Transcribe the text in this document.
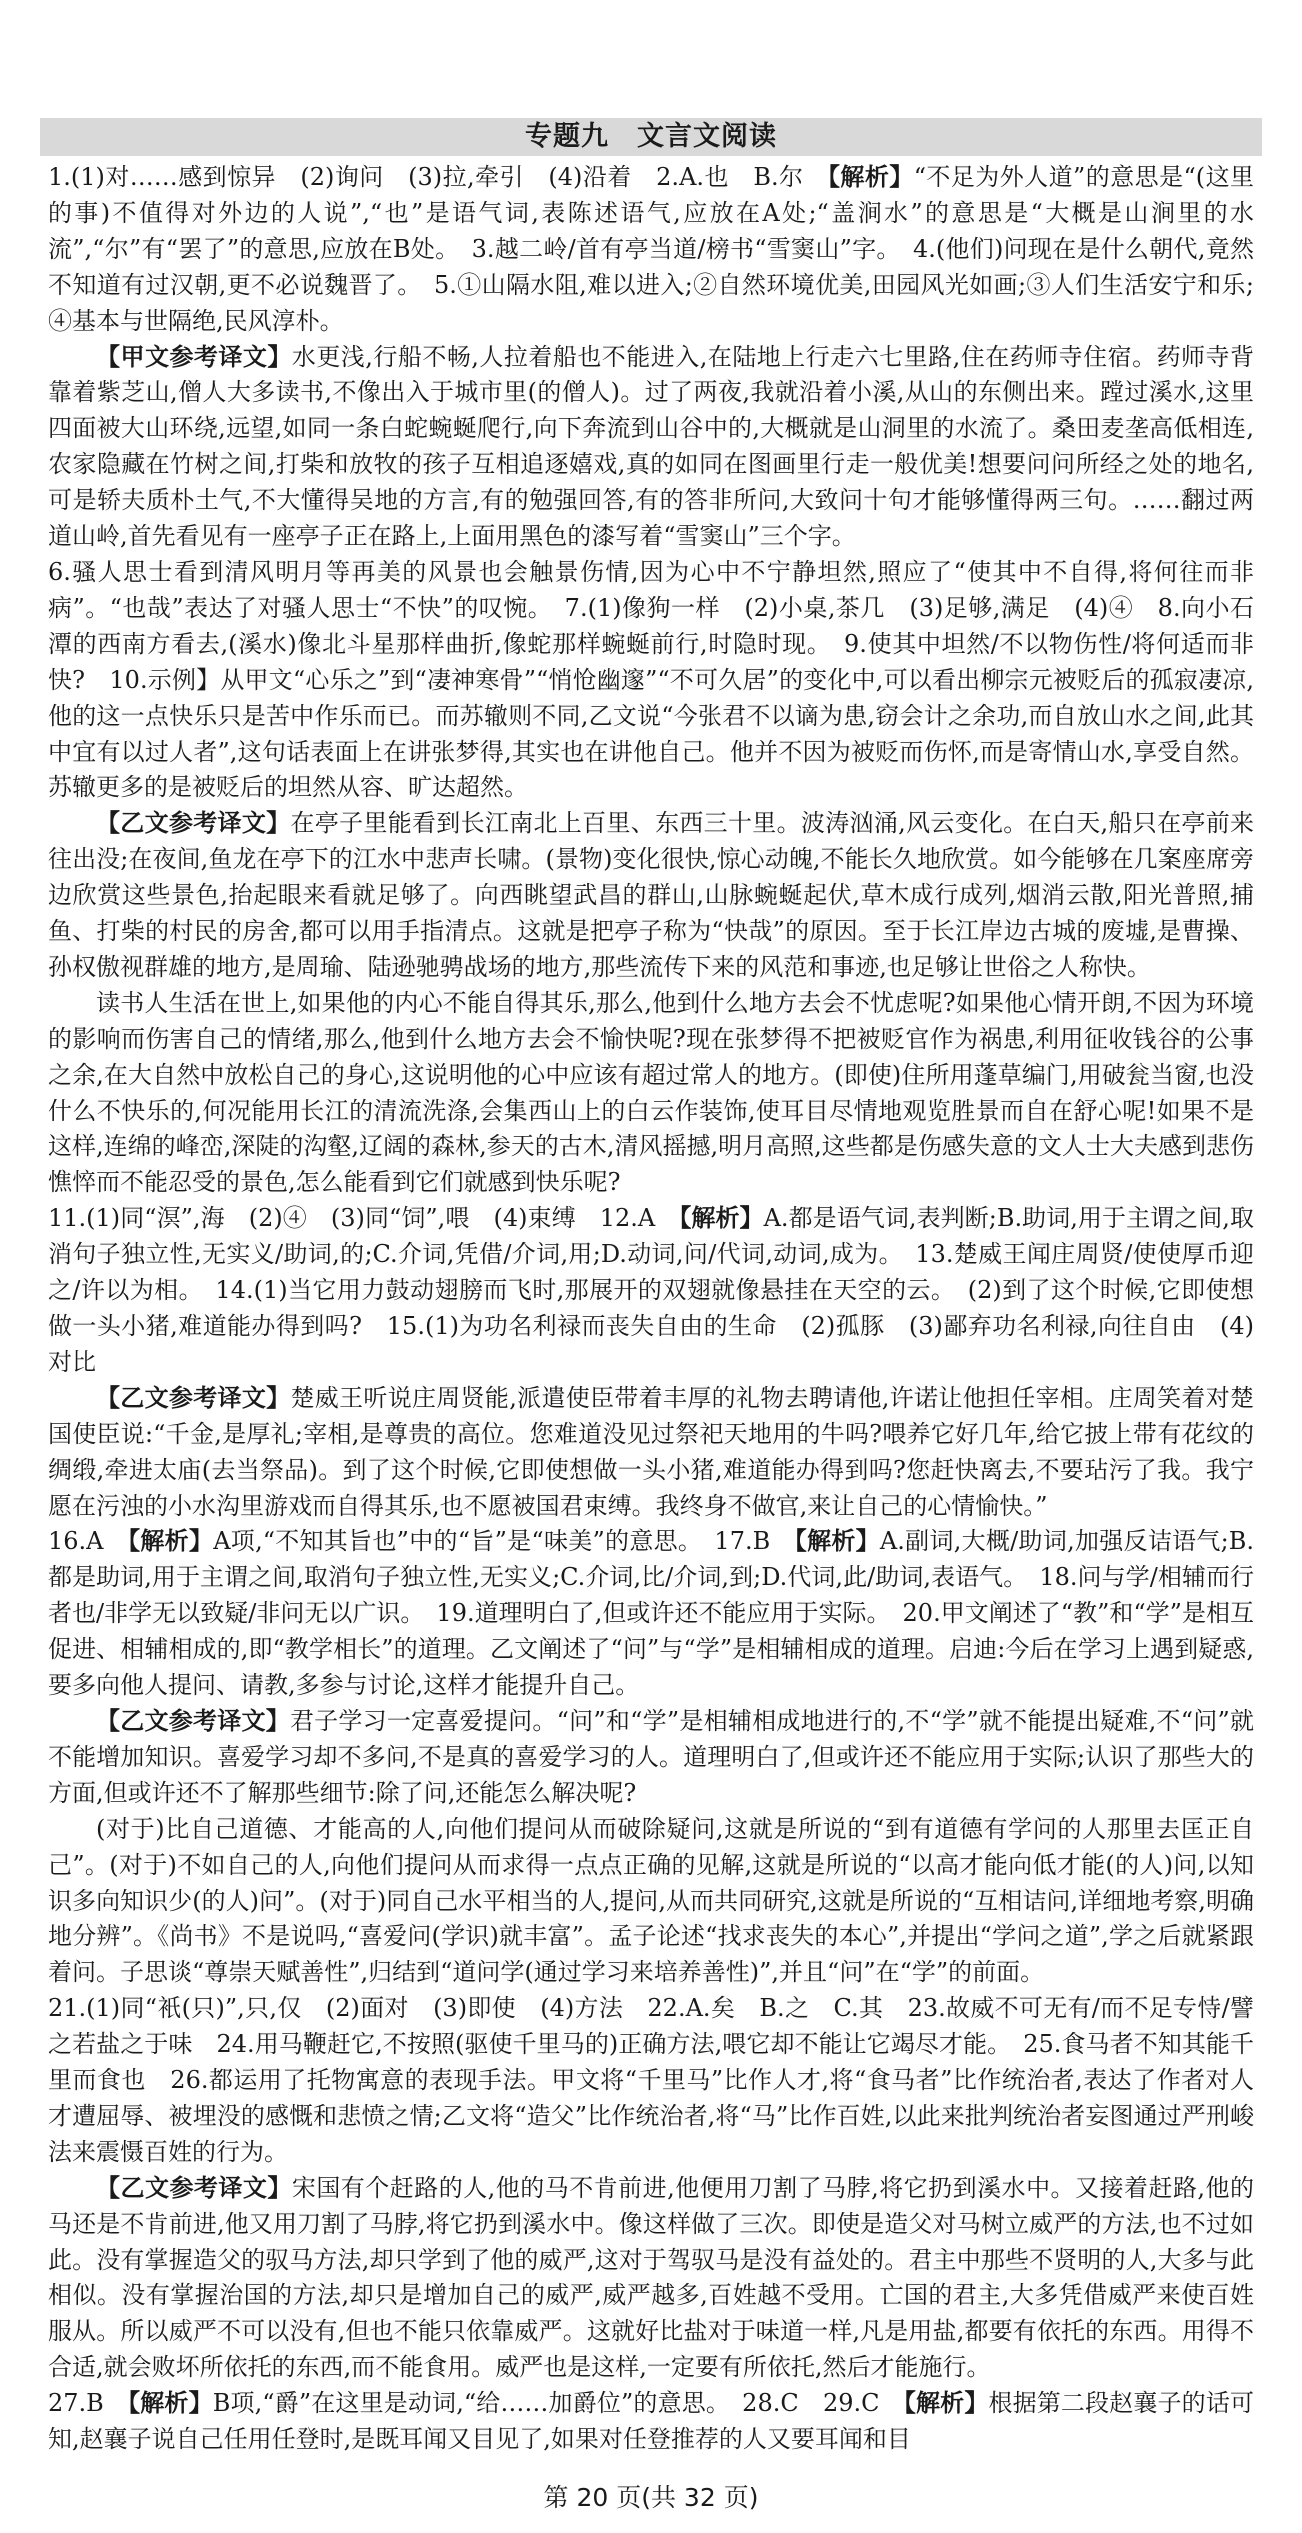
专题九　文言文阅读

1.(1)对……感到惊异　(2)询问　(3)拉,牵引　(4)沿着　2.A.也　B.尔　【解析】“不足为外人道”的意思是“(这里的事)不值得对外边的人说”,“也”是语气词,表陈述语气,应放在A处;“盖涧水”的意思是“大概是山涧里的水流”,“尔”有“罢了”的意思,应放在B处。　3.越二岭/首有亭当道/榜书“雪窦山”字。　4.(他们)问现在是什么朝代,竟然不知道有过汉朝,更不必说魏晋了。　5.①山隔水阻,难以进入;②自然环境优美,田园风光如画;③人们生活安宁和乐;④基本与世隔绝,民风淳朴。

【甲文参考译文】水更浅,行船不畅,人拉着船也不能进入,在陆地上行走六七里路,住在药师寺住宿。药师寺背靠着紫芝山,僧人大多读书,不像出入于城市里(的僧人)。过了两夜,我就沿着小溪,从山的东侧出来。蹚过溪水,这里四面被大山环绕,远望,如同一条白蛇蜿蜒爬行,向下奔流到山谷中的,大概就是山洞里的水流了。桑田麦垄高低相连,农家隐藏在竹树之间,打柴和放牧的孩子互相追逐嬉戏,真的如同在图画里行走一般优美!想要问问所经之处的地名,可是轿夫质朴土气,不大懂得吴地的方言,有的勉强回答,有的答非所问,大致问十句才能够懂得两三句。……翻过两道山岭,首先看见有一座亭子正在路上,上面用黑色的漆写着“雪窦山”三个字。

6.骚人思士看到清风明月等再美的风景也会触景伤情,因为心中不宁静坦然,照应了“使其中不自得,将何往而非病”。“也哉”表达了对骚人思士“不快”的叹惋。　7.(1)像狗一样　(2)小桌,茶几　(3)足够,满足　(4)④　8.向小石潭的西南方看去,(溪水)像北斗星那样曲折,像蛇那样蜿蜒前行,时隐时现。　9.使其中坦然/不以物伤性/将何适而非快?　10.示例】从甲文“心乐之”到“凄神寒骨”“悄怆幽邃”“不可久居”的变化中,可以看出柳宗元被贬后的孤寂凄凉,他的这一点快乐只是苦中作乐而已。而苏辙则不同,乙文说“今张君不以谪为患,窃会计之余功,而自放山水之间,此其中宜有以过人者”,这句话表面上在讲张梦得,其实也在讲他自己。他并不因为被贬而伤怀,而是寄情山水,享受自然。苏辙更多的是被贬后的坦然从容、旷达超然。

【乙文参考译文】在亭子里能看到长江南北上百里、东西三十里。波涛汹涌,风云变化。在白天,船只在亭前来往出没;在夜间,鱼龙在亭下的江水中悲声长啸。(景物)变化很快,惊心动魄,不能长久地欣赏。如今能够在几案座席旁边欣赏这些景色,抬起眼来看就足够了。向西眺望武昌的群山,山脉蜿蜒起伏,草木成行成列,烟消云散,阳光普照,捕鱼、打柴的村民的房舍,都可以用手指清点。这就是把亭子称为“快哉”的原因。至于长江岸边古城的废墟,是曹操、孙权傲视群雄的地方,是周瑜、陆逊驰骋战场的地方,那些流传下来的风范和事迹,也足够让世俗之人称快。

读书人生活在世上,如果他的内心不能自得其乐,那么,他到什么地方去会不忧虑呢?如果他心情开朗,不因为环境的影响而伤害自己的情绪,那么,他到什么地方去会不愉快呢?现在张梦得不把被贬官作为祸患,利用征收钱谷的公事之余,在大自然中放松自己的身心,这说明他的心中应该有超过常人的地方。(即使)住所用蓬草编门,用破瓮当窗,也没什么不快乐的,何况能用长江的清流洗涤,会集西山上的白云作装饰,使耳目尽情地观览胜景而自在舒心呢!如果不是这样,连绵的峰峦,深陡的沟壑,辽阔的森林,参天的古木,清风摇撼,明月高照,这些都是伤感失意的文人士大夫感到悲伤憔悴而不能忍受的景色,怎么能看到它们就感到快乐呢?

11.(1)同“溟”,海　(2)④　(3)同“饲”,喂　(4)束缚　12.A　【解析】A.都是语气词,表判断;B.助词,用于主谓之间,取消句子独立性,无实义/助词,的;C.介词,凭借/介词,用;D.动词,问/代词,动词,成为。　13.楚威王闻庄周贤/使使厚币迎之/许以为相。　14.(1)当它用力鼓动翅膀而飞时,那展开的双翅就像悬挂在天空的云。　(2)到了这个时候,它即使想做一头小猪,难道能办得到吗?　15.(1)为功名利禄而丧失自由的生命　(2)孤豚　(3)鄙弃功名利禄,向往自由　(4)对比

【乙文参考译文】楚威王听说庄周贤能,派遣使臣带着丰厚的礼物去聘请他,许诺让他担任宰相。庄周笑着对楚国使臣说:“千金,是厚礼;宰相,是尊贵的高位。您难道没见过祭祀天地用的牛吗?喂养它好几年,给它披上带有花纹的绸缎,牵进太庙(去当祭品)。到了这个时候,它即使想做一头小猪,难道能办得到吗?您赶快离去,不要玷污了我。我宁愿在污浊的小水沟里游戏而自得其乐,也不愿被国君束缚。我终身不做官,来让自己的心情愉快。”

16.A　【解析】A项,“不知其旨也”中的“旨”是“味美”的意思。　17.B　【解析】A.副词,大概/助词,加强反诘语气;B.都是助词,用于主谓之间,取消句子独立性,无实义;C.介词,比/介词,到;D.代词,此/助词,表语气。　18.问与学/相辅而行者也/非学无以致疑/非问无以广识。　19.道理明白了,但或许还不能应用于实际。　20.甲文阐述了“教”和“学”是相互促进、相辅相成的,即“教学相长”的道理。乙文阐述了“问”与“学”是相辅相成的道理。启迪:今后在学习上遇到疑惑,要多向他人提问、请教,多参与讨论,这样才能提升自己。

【乙文参考译文】君子学习一定喜爱提问。“问”和“学”是相辅相成地进行的,不“学”就不能提出疑难,不“问”就不能增加知识。喜爱学习却不多问,不是真的喜爱学习的人。道理明白了,但或许还不能应用于实际;认识了那些大的方面,但或许还不了解那些细节:除了问,还能怎么解决呢?

(对于)比自己道德、才能高的人,向他们提问从而破除疑问,这就是所说的“到有道德有学问的人那里去匡正自己”。(对于)不如自己的人,向他们提问从而求得一点点正确的见解,这就是所说的“以高才能向低才能(的人)问,以知识多向知识少(的人)问”。(对于)同自己水平相当的人,提问,从而共同研究,这就是所说的“互相诘问,详细地考察,明确地分辨”。《尚书》不是说吗,“喜爱问(学识)就丰富”。孟子论述“找求丧失的本心”,并提出“学问之道”,学之后就紧跟着问。子思谈“尊崇天赋善性”,归结到“道问学(通过学习来培养善性)”,并且“问”在“学”的前面。

21.(1)同“衹(只)”,只,仅　(2)面对　(3)即使　(4)方法　22.A.矣　B.之　C.其　23.故威不可无有/而不足专恃/譬之若盐之于味　24.用马鞭赶它,不按照(驱使千里马的)正确方法,喂它却不能让它竭尽才能。　25.食马者不知其能千里而食也　26.都运用了托物寓意的表现手法。甲文将“千里马”比作人才,将“食马者”比作统治者,表达了作者对人才遭屈辱、被埋没的感慨和悲愤之情;乙文将“造父”比作统治者,将“马”比作百姓,以此来批判统治者妄图通过严刑峻法来震慑百姓的行为。

【乙文参考译文】宋国有个赶路的人,他的马不肯前进,他便用刀割了马脖,将它扔到溪水中。又接着赶路,他的马还是不肯前进,他又用刀割了马脖,将它扔到溪水中。像这样做了三次。即使是造父对马树立威严的方法,也不过如此。没有掌握造父的驭马方法,却只学到了他的威严,这对于驾驭马是没有益处的。君主中那些不贤明的人,大多与此相似。没有掌握治国的方法,却只是增加自己的威严,威严越多,百姓越不受用。亡国的君主,大多凭借威严来使百姓服从。所以威严不可以没有,但也不能只依靠威严。这就好比盐对于味道一样,凡是用盐,都要有依托的东西。用得不合适,就会败坏所依托的东西,而不能食用。威严也是这样,一定要有所依托,然后才能施行。

27.B　【解析】B项,“爵”在这里是动词,“给……加爵位”的意思。　28.C　29.C　【解析】根据第二段赵襄子的话可知,赵襄子说自己任用任登时,是既耳闻又目见了,如果对任登推荐的人又要耳闻和目

第 20 页(共 32 页)
